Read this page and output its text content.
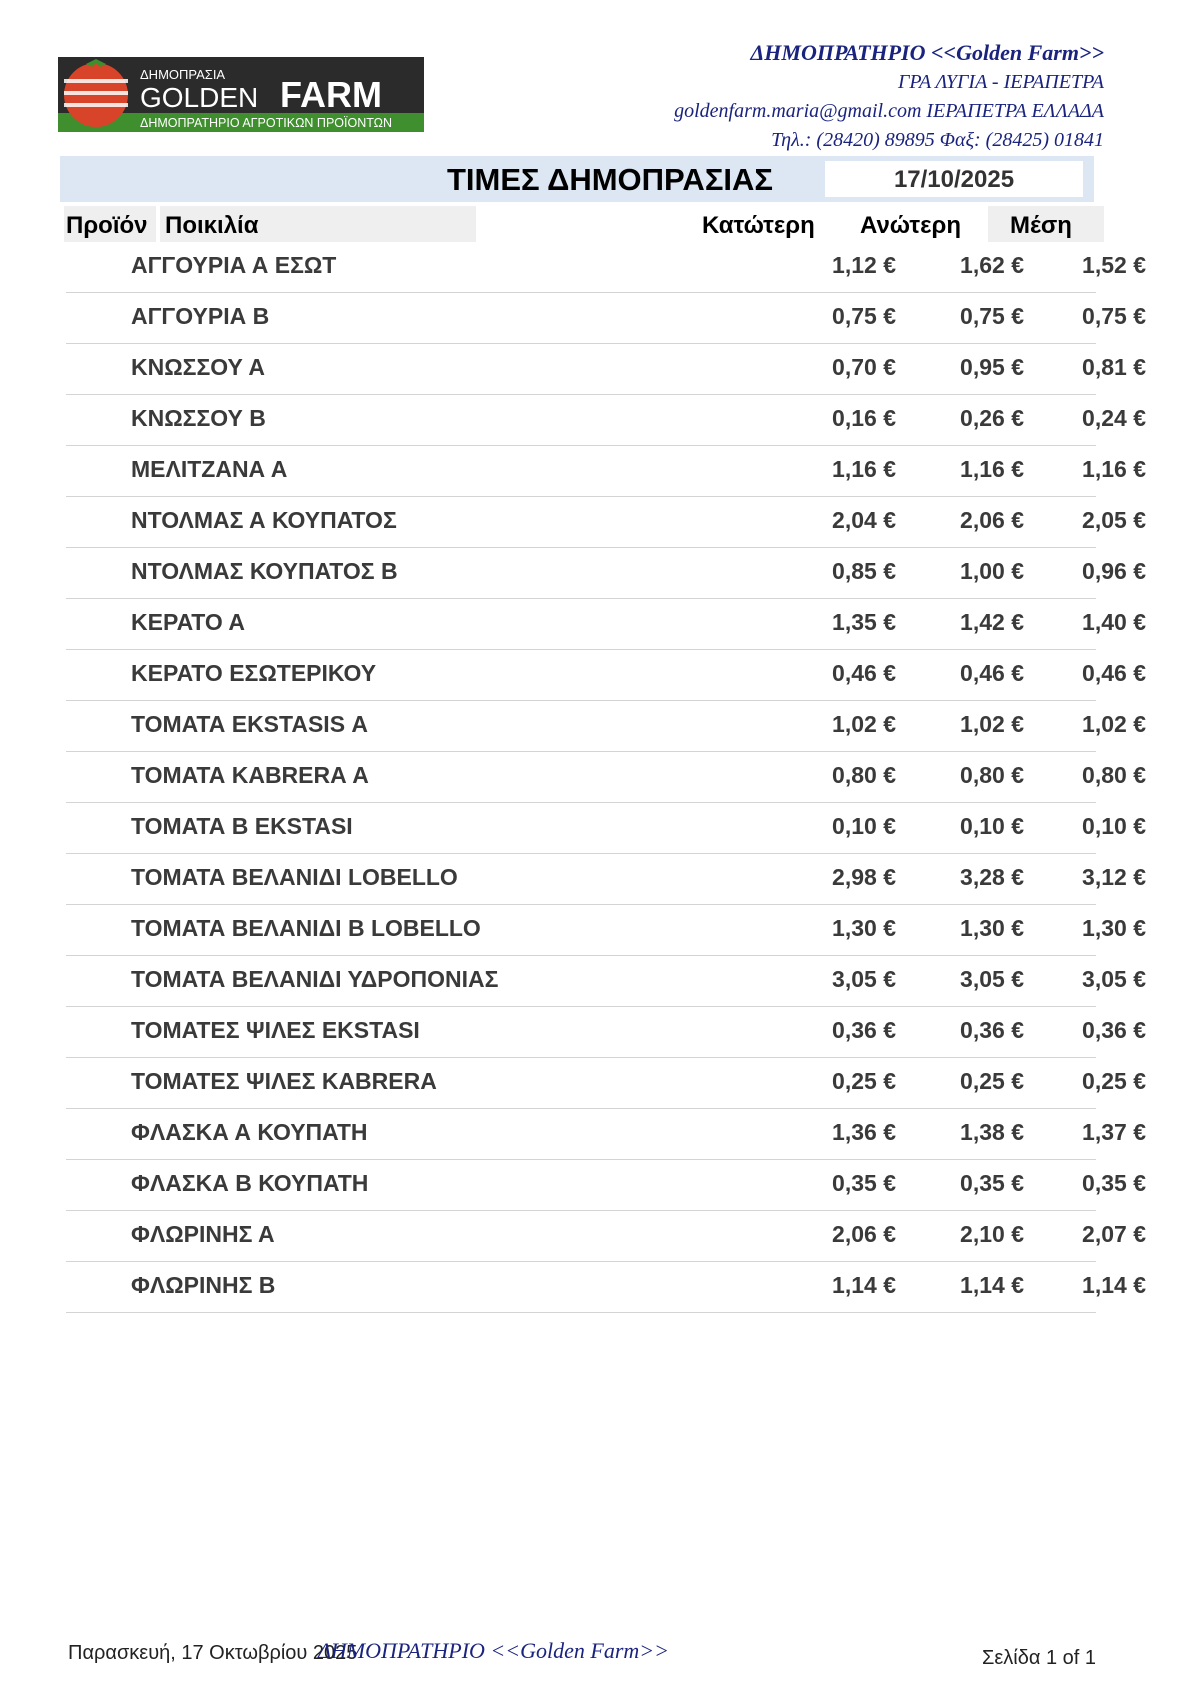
ΔΗΜΟΠΡΑΣΙΑ
GOLDEN FARM
ΔΗΜΟΠΡΑΤΗΡΙΟ ΑΓΡΟΤΙΚΩΝ ΠΡΟΪΟΝΤΩΝ
ΔΗΜΟΠΡΑΤΗΡΙΟ <<Golden Farm>>
ΓΡΑ ΛΥΓΙΑ - ΙΕΡΑΠΕΤΡΑ
goldenfarm.maria@gmail.com ΙΕΡΑΠΕΤΡΑ ΕΛΛΑΔΑ
Τηλ.: (28420) 89895 Φαξ: (28425) 01841
ΤΙΜΕΣ ΔΗΜΟΠΡΑΣΙΑΣ	17/10/2025
Προϊόν Ποικιλία	Κατώτερη Ανώτερη Μέση
ΑΓΓΟΥΡΙΑ Α ΕΣΩΤ	1,12 €	1,62 €	1,52 €
ΑΓΓΟΥΡΙΑ Β	0,75 €	0,75 €	0,75 €
ΚΝΩΣΣΟΥ Α	0,70 €	0,95 €	0,81 €
ΚΝΩΣΣΟΥ Β	0,16 €	0,26 €	0,24 €
ΜΕΛΙΤΖΑΝΑ Α	1,16 €	1,16 €	1,16 €
ΝΤΟΛΜΑΣ Α ΚΟΥΠΑΤΟΣ	2,04 €	2,06 €	2,05 €
ΝΤΟΛΜΑΣ ΚΟΥΠΑΤΟΣ Β	0,85 €	1,00 €	0,96 €
ΚΕΡΑΤΟ Α	1,35 €	1,42 €	1,40 €
ΚΕΡΑΤΟ ΕΣΩΤΕΡΙΚΟΥ	0,46 €	0,46 €	0,46 €
ΤΟΜΑΤΑ EKSTASIS Α	1,02 €	1,02 €	1,02 €
ΤΟΜΑΤΑ KABRERA Α	0,80 €	0,80 €	0,80 €
ΤΟΜΑΤΑ Β EKSTASI	0,10 €	0,10 €	0,10 €
ΤΟΜΑΤΑ ΒΕΛΑΝΙΔΙ LOBELLO	2,98 €	3,28 €	3,12 €
ΤΟΜΑΤΑ ΒΕΛΑΝΙΔΙ Β LOBELLO	1,30 €	1,30 €	1,30 €
ΤΟΜΑΤΑ ΒΕΛΑΝΙΔΙ ΥΔΡΟΠΟΝΙΑΣ	3,05 €	3,05 €	3,05 €
ΤΟΜΑΤΕΣ ΨΙΛΕΣ EKSTASI	0,36 €	0,36 €	0,36 €
ΤΟΜΑΤΕΣ ΨΙΛΕΣ KABRERA	0,25 €	0,25 €	0,25 €
ΦΛΑΣΚΑ Α ΚΟΥΠΑΤΗ	1,36 €	1,38 €	1,37 €
ΦΛΑΣΚΑ Β ΚΟΥΠΑΤΗ	0,35 €	0,35 €	0,35 €
ΦΛΩΡΙΝΗΣ Α	2,06 €	2,10 €	2,07 €
ΦΛΩΡΙΝΗΣ Β	1,14 €	1,14 €	1,14 €
Παρασκευή, 17 Οκτωβρίου 2025
ΔΗΜΟΠΡΑΤΗΡΙΟ <<Golden Farm>>	Σελίδα 1 of 1
